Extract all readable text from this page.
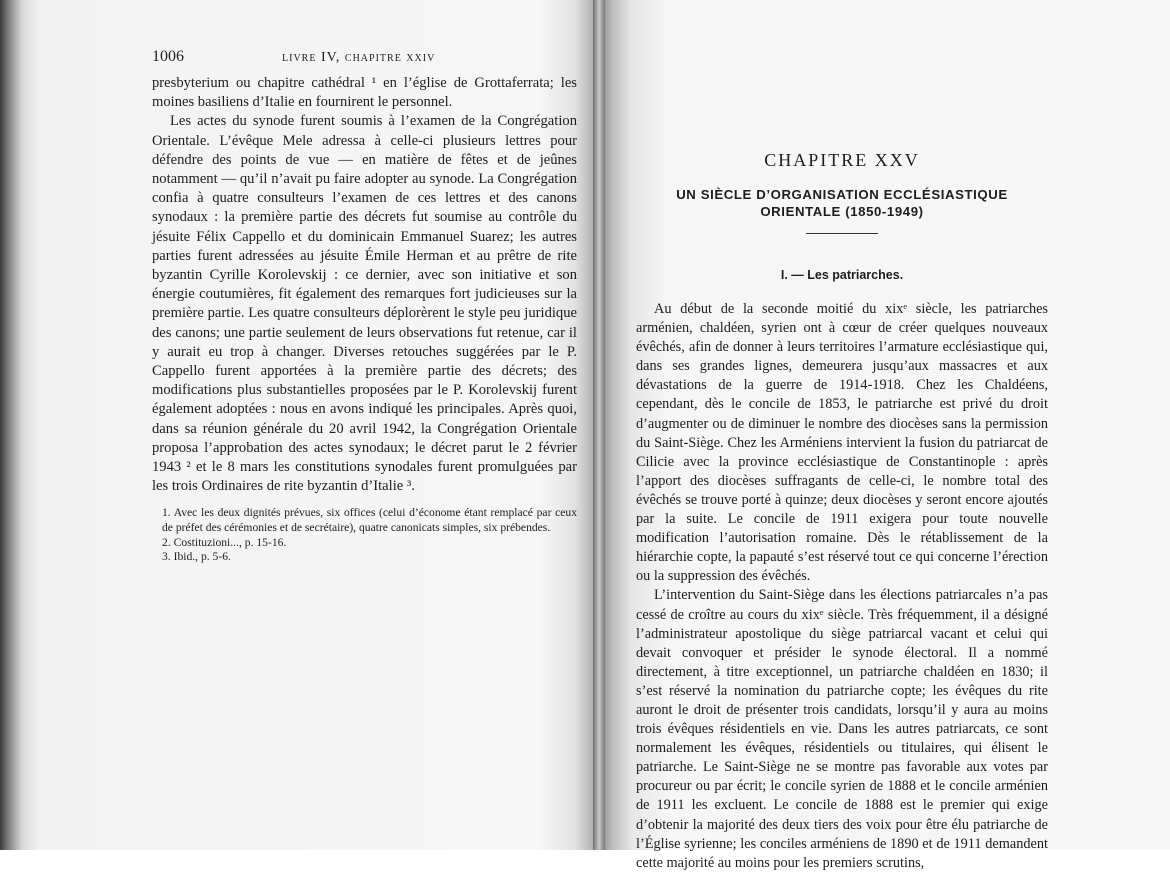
1006	livre IV, chapitre xxiv

presbyterium ou chapitre cathédral ¹ en l’église de Grottaferrata; les moines basiliens d’Italie en fournirent le personnel.

Les actes du synode furent soumis à l’examen de la Congrégation Orientale. L’évêque Mele adressa à celle-ci plusieurs lettres pour défendre des points de vue — en matière de fêtes et de jeûnes notamment — qu’il n’avait pu faire adopter au synode. La Congrégation confia à quatre consulteurs l’examen de ces lettres et des canons synodaux : la première partie des décrets fut soumise au contrôle du jésuite Félix Cappello et du dominicain Emmanuel Suarez; les autres parties furent adressées au jésuite Émile Herman et au prêtre de rite byzantin Cyrille Korolevskij : ce dernier, avec son initiative et son énergie coutumières, fit également des remarques fort judicieuses sur la première partie. Les quatre consulteurs déplorèrent le style peu juridique des canons; une partie seulement de leurs observations fut retenue, car il y aurait eu trop à changer. Diverses retouches suggérées par le P. Cappello furent apportées à la première partie des décrets; des modifications plus substantielles proposées par le P. Korolevskij furent également adoptées : nous en avons indiqué les principales. Après quoi, dans sa réunion générale du 20 avril 1942, la Congrégation Orientale proposa l’approbation des actes synodaux; le décret parut le 2 février 1943 ² et le 8 mars les constitutions synodales furent promulguées par les trois Ordinaires de rite byzantin d’Italie ³.

1. Avec les deux dignités prévues, six offices (celui d’économe étant remplacé par ceux de préfet des cérémonies et de secrétaire), quatre canonicats simples, six prébendes.
2. Costituzioni..., p. 15-16.
3. Ibid., p. 5-6.
CHAPITRE XXV
UN SIÈCLE D’ORGANISATION ECCLÉSIASTIQUE
ORIENTALE (1850-1949)
I. — Les patriarches.

Au début de la seconde moitié du xixᵉ siècle, les patriarches arménien, chaldéen, syrien ont à cœur de créer quelques nouveaux évêchés, afin de donner à leurs territoires l’armature ecclésiastique qui, dans ses grandes lignes, demeurera jusqu’aux massacres et aux dévastations de la guerre de 1914-1918. Chez les Chaldéens, cependant, dès le concile de 1853, le patriarche est privé du droit d’augmenter ou de diminuer le nombre des diocèses sans la permission du Saint-Siège. Chez les Arméniens intervient la fusion du patriarcat de Cilicie avec la province ecclésiastique de Constantinople : après l’apport des diocèses suffragants de celle-ci, le nombre total des évêchés se trouve porté à quinze; deux diocèses y seront encore ajoutés par la suite. Le concile de 1911 exigera pour toute nouvelle modification l’autorisation romaine. Dès le rétablissement de la hiérarchie copte, la papauté s’est réservé tout ce qui concerne l’érection ou la suppression des évêchés.

L’intervention du Saint-Siège dans les élections patriarcales n’a pas cessé de croître au cours du xixᵉ siècle. Très fréquemment, il a désigné l’administrateur apostolique du siège patriarcal vacant et celui qui devait convoquer et présider le synode électoral. Il a nommé directement, à titre exceptionnel, un patriarche chaldéen en 1830; il s’est réservé la nomination du patriarche copte; les évêques du rite auront le droit de présenter trois candidats, lorsqu’il y aura au moins trois évêques résidentiels en vie. Dans les autres patriarcats, ce sont normalement les évêques, résidentiels ou titulaires, qui élisent le patriarche. Le Saint-Siège ne se montre pas favorable aux votes par procureur ou par écrit; le concile syrien de 1888 et le concile arménien de 1911 les excluent. Le concile de 1888 est le premier qui exige d’obtenir la majorité des deux tiers des voix pour être élu patriarche de l’Église syrienne; les conciles arméniens de 1890 et de 1911 demandent cette majorité au moins pour les premiers scrutins,
